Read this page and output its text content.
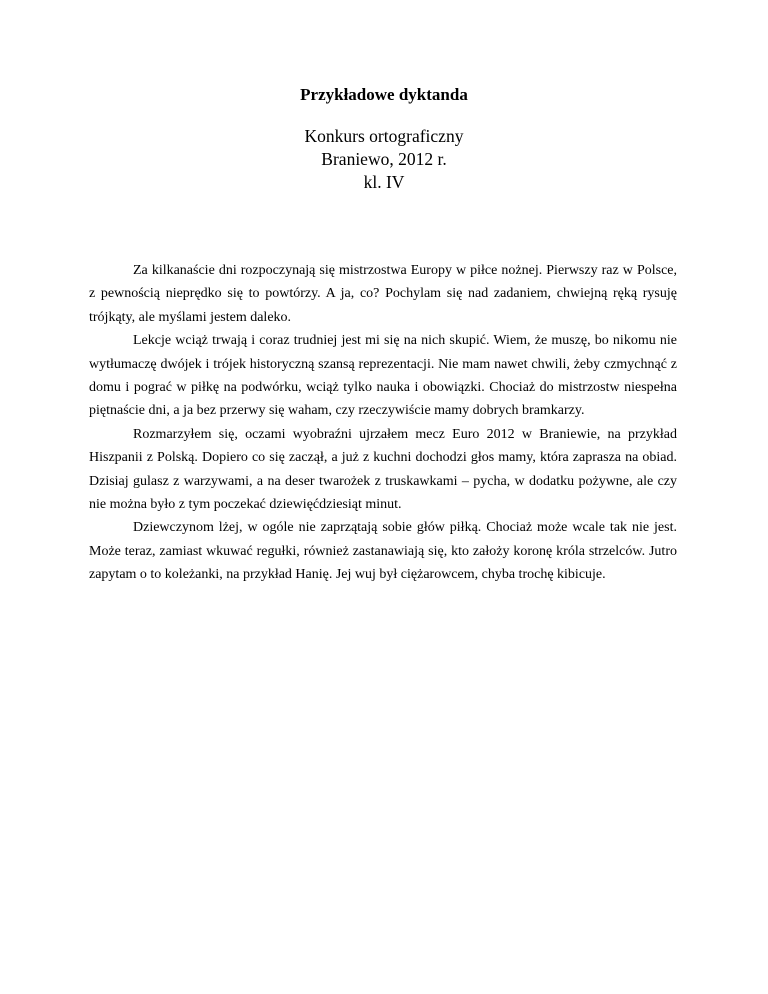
Przykładowe dyktanda
Konkurs ortograficzny
Braniewo, 2012 r.
kl. IV

Za kilkanaście dni rozpoczynają się mistrzostwa Europy w piłce nożnej. Pierwszy raz w Polsce, z pewnością nieprędko się to powtórzy. A ja, co? Pochylam się nad zadaniem, chwiejną ręką rysuję trójkąty, ale myślami jestem daleko.

Lekcje wciąż trwają i coraz trudniej jest mi się na nich skupić. Wiem, że muszę, bo nikomu nie wytłumaczę dwójek i trójek historyczną szansą reprezentacji. Nie mam nawet chwili, żeby czmychnąć z domu i pograć w piłkę na podwórku, wciąż tylko nauka i obowiązki. Chociaż do mistrzostw niespełna piętnaście dni, a ja bez przerwy się waham, czy rzeczywiście mamy dobrych bramkarzy.

Rozmarzyłem się, oczami wyobraźni ujrzałem mecz Euro 2012 w Braniewie, na przykład Hiszpanii z Polską. Dopiero co się zaczął, a już z kuchni dochodzi głos mamy, która zaprasza na obiad. Dzisiaj gulasz z warzywami, a na deser twarożek z truskawkami – pycha, w dodatku pożywne, ale czy nie można było z tym poczekać dziewięćdziesiąt minut.

Dziewczynom lżej, w ogóle nie zaprzątają sobie głów piłką. Chociaż może wcale tak nie jest. Może teraz, zamiast wkuwać regułki, również zastanawiają się, kto założy koronę króla strzelców. Jutro zapytam o to koleżanki, na przykład Hanię. Jej wuj był ciężarowcem, chyba trochę kibicuje.
